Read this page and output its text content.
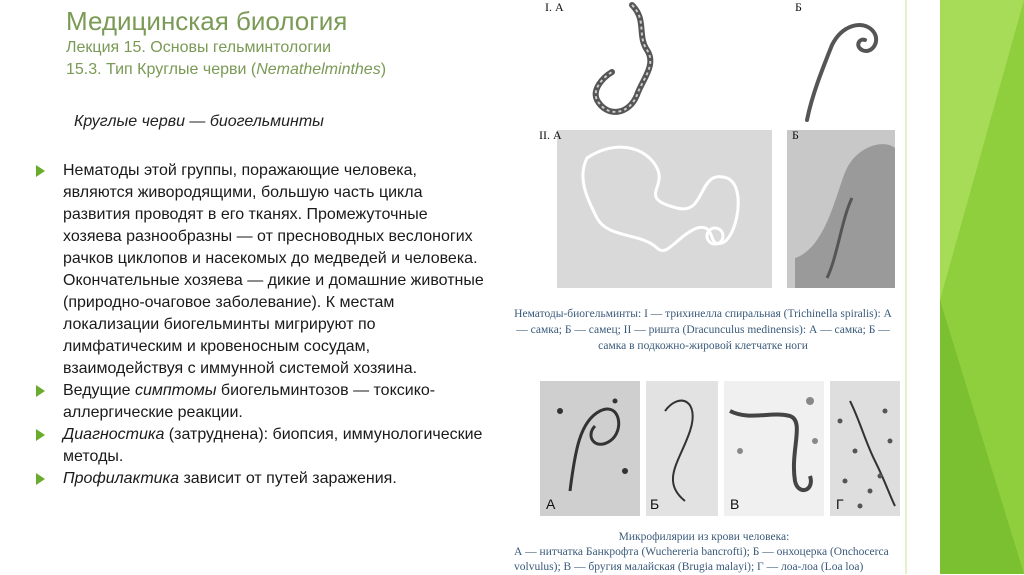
Медицинская биология
Лекция 15. Основы гельминтологии
15.3. Тип Круглые черви (Nemathelminthes)
Круглые черви — биогельминты
Нематоды этой группы, поражающие человека, являются живородящими, большую часть цикла развития проводят в его тканях. Промежуточные хозяева разнообразны — от пресноводных веслоногих рачков циклопов и насекомых до медведей и человека. Окончательные хозяева — дикие и домашние животные (природно-очаговое заболевание). К местам локализации биогельминты мигрируют по лимфатическим и кровеносным сосудам, взаимодействуя с иммунной системой хозяина.
Ведущие симптомы биогельминтозов — токсико-аллергические реакции.
Диагностика (затруднена): биопсия, иммунологические методы.
Профилактика зависит от путей заражения.
I. А	Б
II. А	Б
Нематоды-биогельминты: I — трихинелла спиральная (Trichinella spiralis): А — самка; Б — самец; II — ришта (Dracunculus medinensis): А — самка; Б — самка в подкожно-жировой клетчатке ноги
А	Б	В	Г
Микрофилярии из крови человека:
А — нитчатка Банкрофта (Wuchereria bancrofti); Б — онхоцерка (Onchocerca volvulus); В — бругия малайская (Brugia malayi); Г — лоа-лоа (Loa loa)
